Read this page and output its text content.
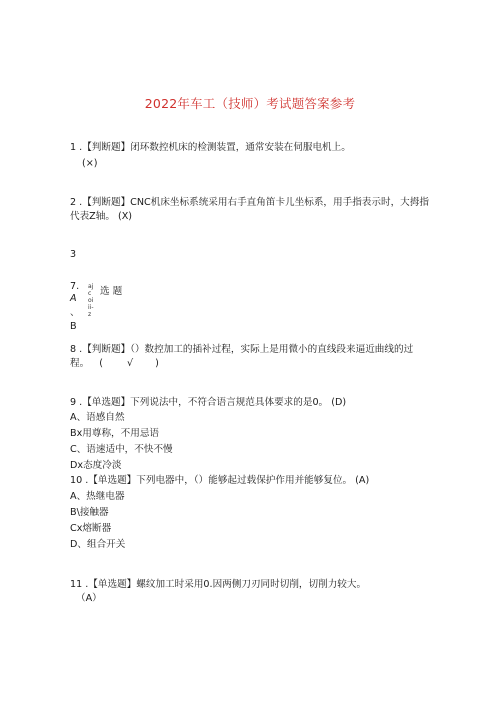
2022年车工（技师）考试题答案参考
1 .【判断题】闭环数控机床的检测装置，通常安装在伺服电机上。
(×)
2 .【判断题】CNC机床坐标系统采用右手直角笛卡儿坐标系，用手指表示时，大拇指
代表Z轴。 (X)
3
7.
A
、
B
选 题
ajcoiii-z
8 .【判断题】（）数控加工的插补过程，实际上是用微小的直线段来逼近曲线的过
程。 (	√ )
9 .【单选题】下列说法中，不符合语言规范具体要求的是0。 (D)
A、语感自然
Bx用尊称，不用忌语
C、语速适中，不快不慢
Dx态度冷淡
10 .【单选题】下列电器中，（）能够起过载保护作用并能够复位。 (A)
A、热继电器
B\接触器
Cx熔断器
D、组合开关
11 .【单选题】螺纹加工时采用0.因两侧刀刃同时切削，切削力较大。
（A）
